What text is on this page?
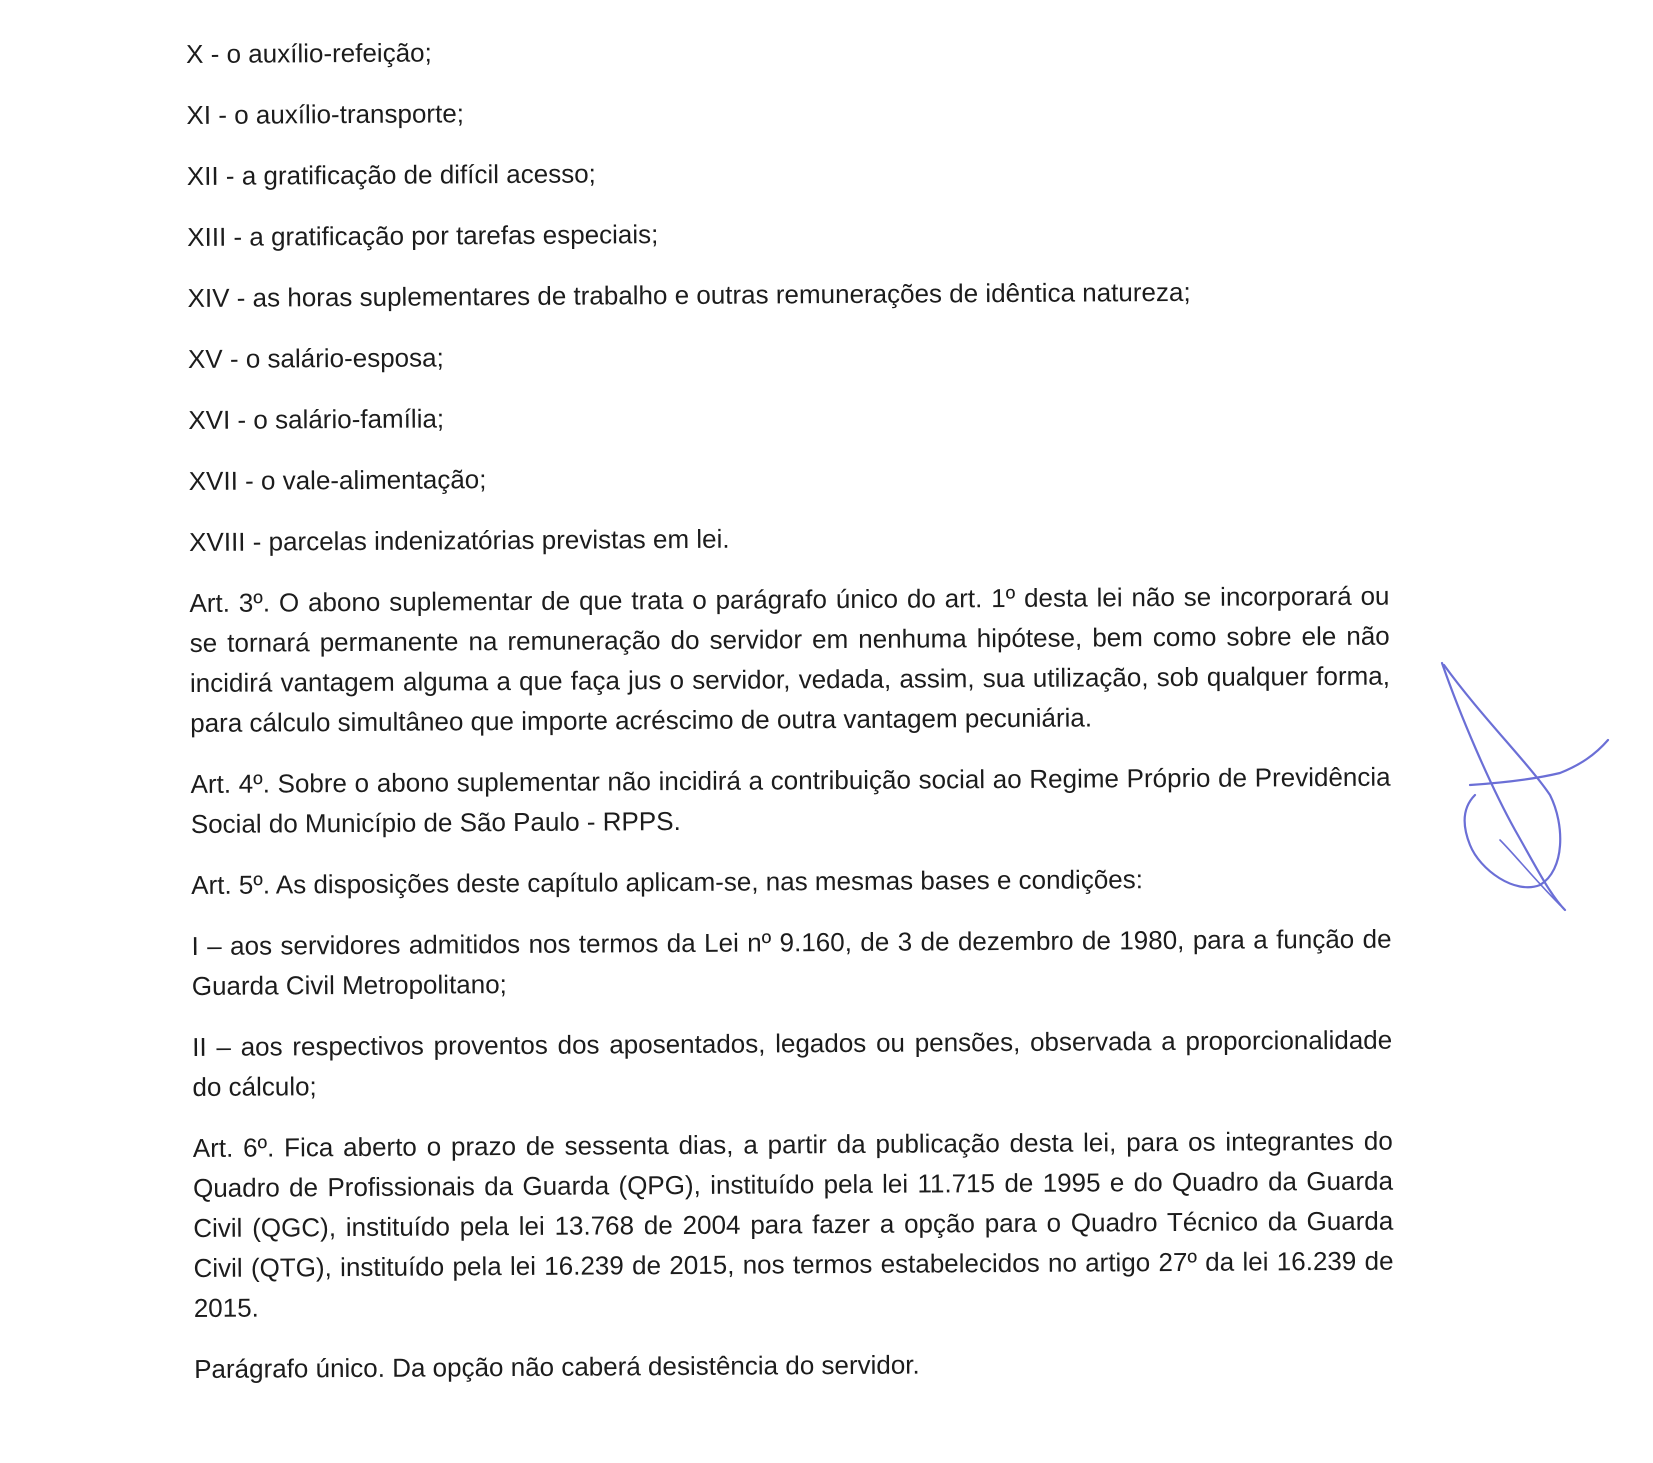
X - o auxílio-refeição;
XI - o auxílio-transporte;
XII - a gratificação de difícil acesso;
XIII - a gratificação por tarefas especiais;
XIV - as horas suplementares de trabalho e outras remunerações de idêntica natureza;
XV - o salário-esposa;
XVI - o salário-família;
XVII - o vale-alimentação;
XVIII - parcelas indenizatórias previstas em lei.
Art. 3º. O abono suplementar de que trata o parágrafo único do art. 1º desta lei não se incorporará ou se tornará permanente na remuneração do servidor em nenhuma hipótese, bem como sobre ele não incidirá vantagem alguma a que faça jus o servidor, vedada, assim, sua utilização, sob qualquer forma, para cálculo simultâneo que importe acréscimo de outra vantagem pecuniária.
Art. 4º. Sobre o abono suplementar não incidirá a contribuição social ao Regime Próprio de Previdência Social do Município de São Paulo - RPPS.
Art. 5º. As disposições deste capítulo aplicam-se, nas mesmas bases e condições:
I – aos servidores admitidos nos termos da Lei nº 9.160, de 3 de dezembro de 1980, para a função de Guarda Civil Metropolitano;
II – aos respectivos proventos dos aposentados, legados ou pensões, observada a proporcionalidade do cálculo;
Art. 6º. Fica aberto o prazo de sessenta dias, a partir da publicação desta lei, para os integrantes do Quadro de Profissionais da Guarda (QPG), instituído pela lei 11.715 de 1995 e do Quadro da Guarda Civil (QGC), instituído pela lei 13.768 de 2004 para fazer a opção para o Quadro Técnico da Guarda Civil (QTG), instituído pela lei 16.239 de 2015, nos termos estabelecidos no artigo 27º da lei 16.239 de 2015.
Parágrafo único. Da opção não caberá desistência do servidor.
